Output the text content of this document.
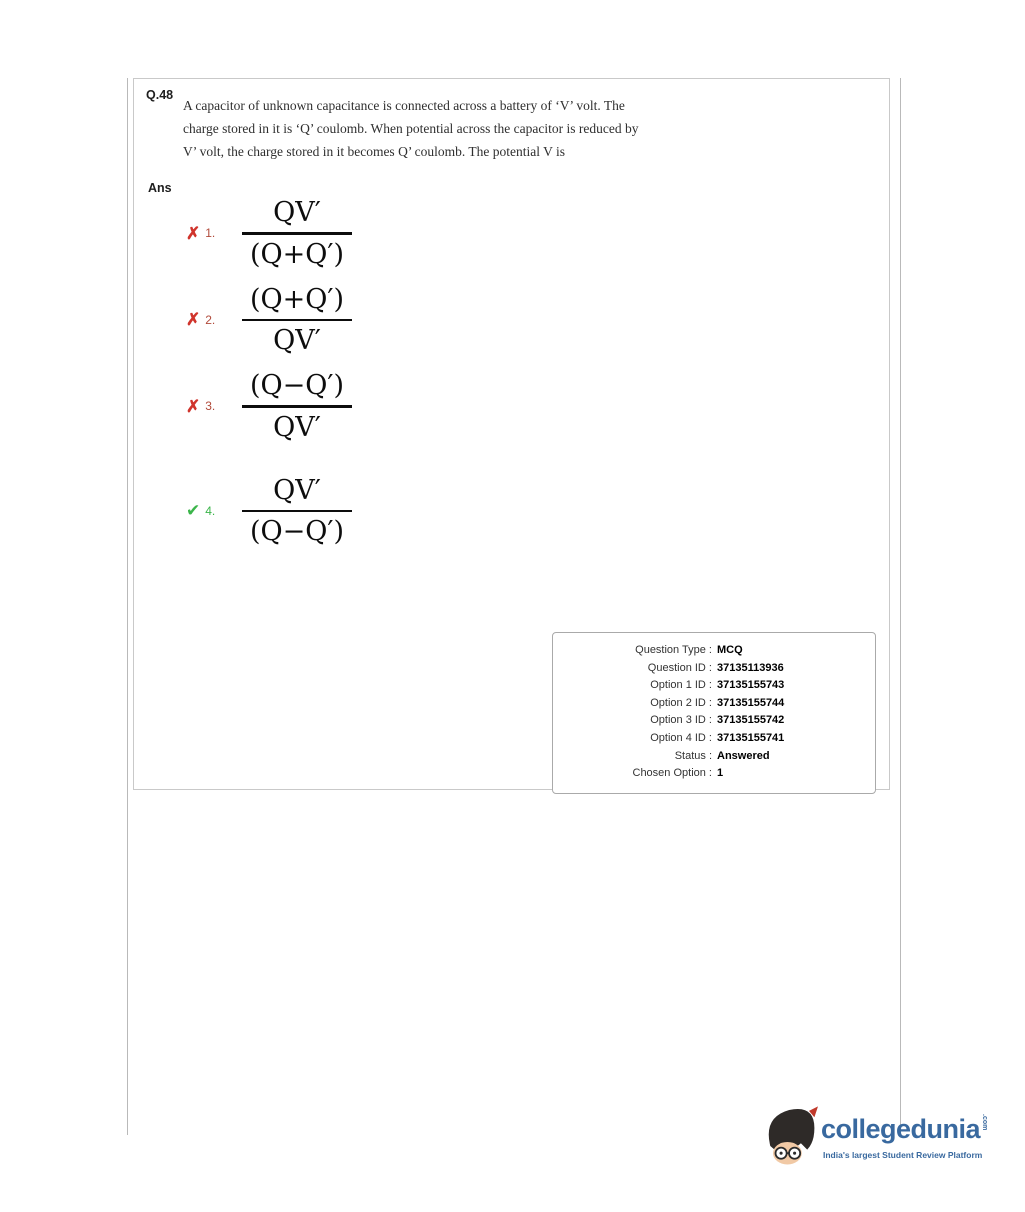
Q.48
A capacitor of unknown capacitance is connected across a battery of ‘V’ volt. The charge stored in it is ‘Q’ coulomb. When potential across the capacitor is reduced by V’ volt, the charge stored in it becomes Q’ coulomb. The potential V is
Ans
✗ 1. $\frac{QV'}{(Q+Q')}$
✗ 2. $\frac{(Q+Q')}{QV'}$
✗ 3. $\frac{(Q-Q')}{QV'}$
✔ 4. $\frac{QV'}{(Q-Q')}$
Question Type : MCQ
Question ID : 37135113936
Option 1 ID : 37135155743
Option 2 ID : 37135155744
Option 3 ID : 37135155742
Option 4 ID : 37135155741
Status : Answered
Chosen Option : 1
collegedunia.com
India's largest Student Review Platform
